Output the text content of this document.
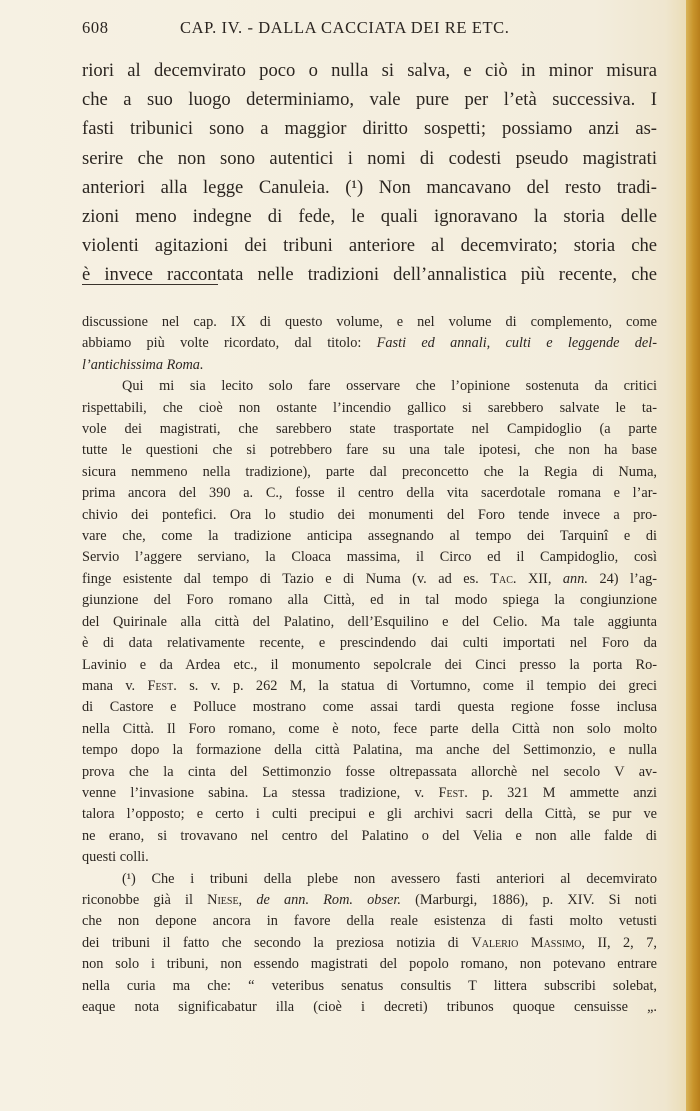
608	CAP. IV. - DALLA CACCIATA DEI RE ETC.
riori al decemvirato poco o nulla si salva, e ciò in minor misura
che a suo luogo determiniamo, vale pure per l’età successiva. I
fasti tribunici sono a maggior diritto sospetti; possiamo anzi as-
serire che non sono autentici i nomi di codesti pseudo magistrati
anteriori alla legge Canuleia. (¹) Non mancavano del resto tradi-
zioni meno indegne di fede, le quali ignoravano la storia delle
violenti agitazioni dei tribuni anteriore al decemvirato; storia che
è invece raccontata nelle tradizioni dell’annalistica più recente, che
discussione nel cap. IX di questo volume, e nel volume di complemento, come
abbiamo più volte ricordato, dal titolo: Fasti ed annali, culti e leggende del-
l’antichissima Roma.
Qui mi sia lecito solo fare osservare che l’opinione sostenuta da critici
rispettabili, che cioè non ostante l’incendio gallico si sarebbero salvate le ta-
vole dei magistrati, che sarebbero state trasportate nel Campidoglio (a parte
tutte le questioni che si potrebbero fare su una tale ipotesi, che non ha base
sicura nemmeno nella tradizione), parte dal preconcetto che la Regia di Numa,
prima ancora del 390 a. C., fosse il centro della vita sacerdotale romana e l’ar-
chivio dei pontefici. Ora lo studio dei monumenti del Foro tende invece a pro-
vare che, come la tradizione anticipa assegnando al tempo dei Tarquinî e di
Servio l’aggere serviano, la Cloaca massima, il Circo ed il Campidoglio, così
finge esistente dal tempo di Tazio e di Numa (v. ad es. Tac. XII, ann. 24) l’ag-
giunzione del Foro romano alla Città, ed in tal modo spiega la congiunzione
del Quirinale alla città del Palatino, dell’Esquilino e del Celio. Ma tale aggiunta
è di data relativamente recente, e prescindendo dai culti importati nel Foro da
Lavinio e da Ardea etc., il monumento sepolcrale dei Cinci presso la porta Ro-
mana v. Fest. s. v. p. 262 M, la statua di Vortumno, come il tempio dei greci
di Castore e Polluce mostrano come assai tardi questa regione fosse inclusa
nella Città. Il Foro romano, come è noto, fece parte della Città non solo molto
tempo dopo la formazione della città Palatina, ma anche del Settimonzio, e nulla
prova che la cinta del Settimonzio fosse oltrepassata allorchè nel secolo V av-
venne l’invasione sabina. La stessa tradizione, v. Fest. p. 321 M ammette anzi
talora l’opposto; e certo i culti precipui e gli archivi sacri della Città, se pur ve
ne erano, si trovavano nel centro del Palatino o del Velia e non alle falde di
questi colli.
(¹) Che i tribuni della plebe non avessero fasti anteriori al decemvirato
riconobbe già il Niese, de ann. Rom. obser. (Marburgi, 1886), p. XIV. Si noti
che non depone ancora in favore della reale esistenza di fasti molto vetusti
dei tribuni il fatto che secondo la preziosa notizia di Valerio Massimo, II, 2, 7,
non solo i tribuni, non essendo magistrati del popolo romano, non potevano entrare
nella curia ma che: “ veteribus senatus consultis T littera subscribi solebat,
eaque nota significabatur illa (cioè i decreti) tribunos quoque censuisse „.
